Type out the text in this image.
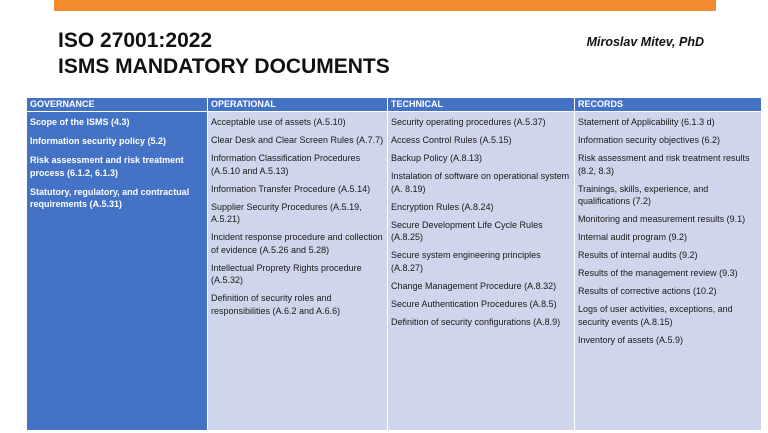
ISO 27001:2022
ISMS MANDATORY DOCUMENTS
Miroslav Mitev, PhD
GOVERNANCE
Scope of the ISMS (4.3)
Information security policy (5.2)
Risk assessment and risk treatment process (6.1.2, 6.1.3)
Statutory, regulatory, and contractual requirements (A.5.31)
OPERATIONAL
Acceptable use of assets (A.5.10)
Clear Desk and Clear Screen Rules (A.7.7)
Information Classification Procedures (A.5.10 and A.5.13)
Information Transfer Procedure (A.5.14)
Supplier Security Procedures (A.5.19, A.5.21)
Incident response procedure and collection of evidence (A.5.26 and 5.28)
Intellectual Proprety Rights procedure (A.5.32)
Definition of security roles and responsibilities (A.6.2 and A.6.6)
TECHNICAL
Security operating procedures (A.5.37)
Access Control Rules (A.5.15)
Backup Policy (A.8.13)
Instalation of software on operational system (A. 8.19)
Encryption Rules (A.8.24)
Secure Development Life Cycle Rules (A.8.25)
Secure system engineering principles (A.8.27)
Change Management Procedure (A.8.32)
Secure Authentication Procedures (A.8.5)
Definition of security configurations (A.8.9)
RECORDS
Statement of Applicability (6.1.3 d)
Information security objectives (6.2)
Risk assessment and risk treatment results (8.2, 8.3)
Trainings, skills, experience, and qualifications (7.2)
Monitoring and measurement results (9.1)
Internal audit program (9.2)
Results of internal audits (9.2)
Results of the management review (9.3)
Results of corrective actions (10.2)
Logs of user activities, exceptions, and security events (A.8.15)
Inventory of assets (A.5.9)
